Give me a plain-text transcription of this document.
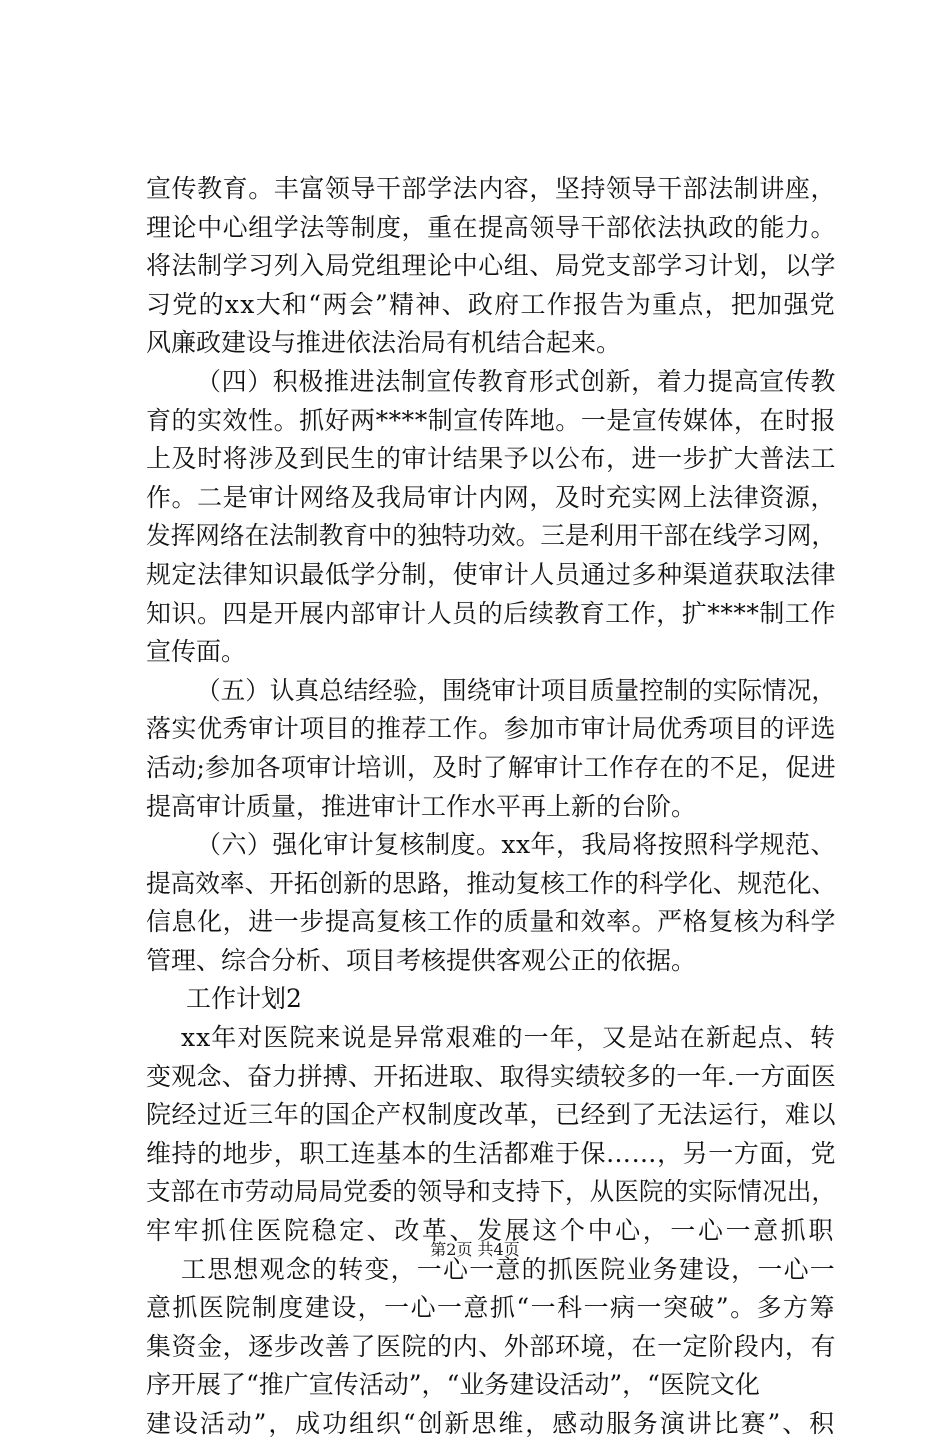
宣传教育。丰富领导干部学法内容，坚持领导干部法制讲座，
理论中心组学法等制度，重在提高领导干部依法执政的能力。
将法制学习列入局党组理论中心组、局党支部学习计划，以学
习党的xx大和“两会”精神、政府工作报告为重点，把加强党
风廉政建设与推进依法治局有机结合起来。
（四）积极推进法制宣传教育形式创新，着力提高宣传教
育的实效性。抓好两****制宣传阵地。一是宣传媒体，在时报
上及时将涉及到民生的审计结果予以公布，进一步扩大普法工
作。二是审计网络及我局审计内网，及时充实网上法律资源，
发挥网络在法制教育中的独特功效。三是利用干部在线学习网，
规定法律知识最低学分制，使审计人员通过多种渠道获取法律
知识。四是开展内部审计人员的后续教育工作，扩****制工作
宣传面。
（五）认真总结经验，围绕审计项目质量控制的实际情况，
落实优秀审计项目的推荐工作。参加市审计局优秀项目的评选
活动;参加各项审计培训，及时了解审计工作存在的不足，促进
提高审计质量，推进审计工作水平再上新的台阶。
（六）强化审计复核制度。xx年，我局将按照科学规范、
提高效率、开拓创新的思路，推动复核工作的科学化、规范化、
信息化，进一步提高复核工作的质量和效率。严格复核为科学
管理、综合分析、项目考核提供客观公正的依据。
工作计划2
xx年对医院来说是异常艰难的一年，又是站在新起点、转
变观念、奋力拼搏、开拓进取、取得实绩较多的一年.一方面医
院经过近三年的国企产权制度改革，已经到了无法运行，难以
维持的地步，职工连基本的生活都难于保……，另一方面，党
支部在市劳动局局党委的领导和支持下，从医院的实际情况出，
牢牢抓住医院稳定、改革、发展这个中心，一心一意抓职
工思想观念的转变，一心一意的抓医院业务建设，一心一
意抓医院制度建设，一心一意抓“一科一病一突破”。多方筹
集资金，逐步改善了医院的内、外部环境，在一定阶段内，有
序开展了“推广宣传活动”，“业务建设活动”，“医院文化
建设活动”，成功组织“创新思维，感动服务演讲比赛”、积
第2页 共4页
